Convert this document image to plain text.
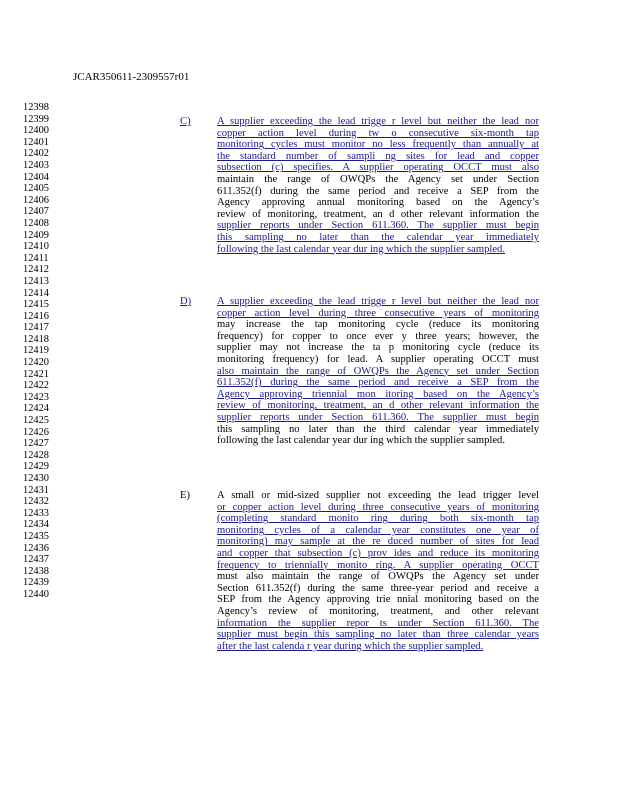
JCAR350611-2309557r01
12398
12399
12400
12401
12402
12403
12404
12405
12406
12407
12408
12409
12410
12411
12412
12413
12414
12415
12416
12417
12418
12419
12420
12421
12422
12423
12424
12425
12426
12427
12428
12429
12430
12431
12432
12433
12434
12435
12436
12437
12438
12439
12440
C) A supplier exceeding the lead trigge r level but neither the lead nor
copper action level during tw o consecutive six-month tap
monitoring cycles must monitor no less frequently than annually at
the standard number of sampli ng sites for lead and copper
subsection (c) specifies. A supplier operating OCCT must also
maintain the range of OWQPs the Agency set under Section
611.352(f) during the same period and receive a SEP from the
Agency approving annual monitoring based on the Agency’s
review of monitoring, treatment, an d other relevant information the
supplier reports under Section 611.360. The supplier must begin
this sampling no later than the calendar year immediately
following the last calendar year dur ing which the supplier sampled.
D) A supplier exceeding the lead trigge r level but neither the lead nor
copper action level during three consecutive years of monitoring
may increase the tap monitoring cycle (reduce its monitoring
frequency) for copper to once ever y three years; however, the
supplier may not increase the ta p monitoring cycle (reduce its
monitoring frequency) for lead. A supplier operating OCCT must
also maintain the range of OWQPs the Agency set under Section
611.352(f) during the same period and receive a SEP from the
Agency approving triennial mon itoring based on the Agency’s
review of monitoring, treatment, an d other relevant information the
supplier reports under Section 611.360. The supplier must begin
this sampling no later than the third calendar year immediately
following the last calendar year dur ing which the supplier sampled.
E)	A small or mid-sized supplier not exceeding the lead trigger level
or copper action level during three consecutive years of monitoring
(completing standard monito ring during both six-month tap
monitoring cycles of a calendar year constitutes one year of
monitoring) may sample at the re duced number of sites for lead
and copper that subsection (c) prov ides and reduce its monitoring
frequency to triennially monito ring. A supplier operating OCCT
must also maintain the range of OWQPs the Agency set under
Section 611.352(f) during the same three-year period and receive a
SEP from the Agency approving trie nnial monitoring based on the
Agency’s review of monitoring, treatment, and other relevant
information the supplier repor ts under Section 611.360. The
supplier must begin this sampling no later than three calendar years
after the last calenda r year during which the supplier sampled.
